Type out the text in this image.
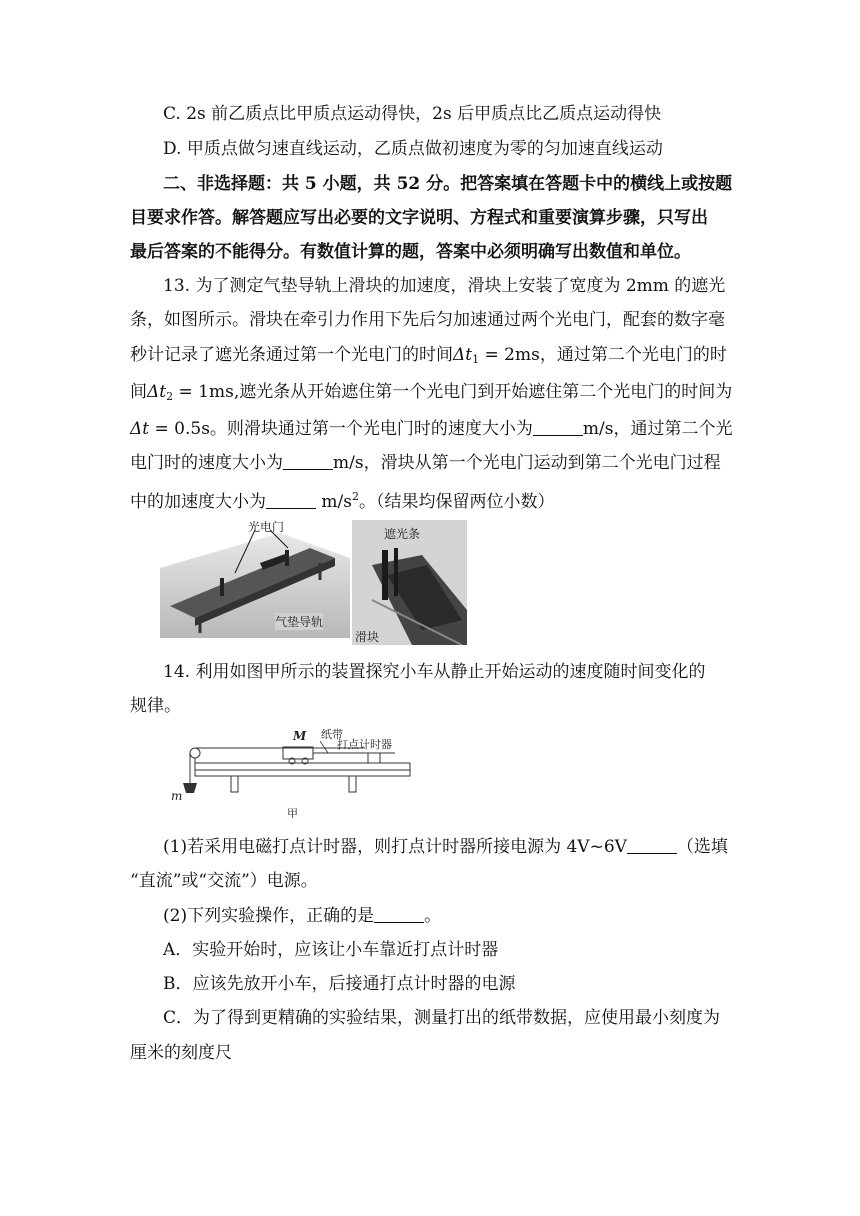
C. 2s 前乙质点比甲质点运动得快，2s 后甲质点比乙质点运动得快
D. 甲质点做匀速直线运动，乙质点做初速度为零的匀加速直线运动
二、非选择题：共 5 小题，共 52 分。把答案填在答题卡中的横线上或按题
目要求作答。解答题应写出必要的文字说明、方程式和重要演算步骤，只写出
最后答案的不能得分。有数值计算的题，答案中必须明确写出数值和单位。
13. 为了测定气垫导轨上滑块的加速度，滑块上安装了宽度为 2mm 的遮光
条，如图所示。滑块在牵引力作用下先后匀加速通过两个光电门，配套的数字毫
秒计记录了遮光条通过第一个光电门的时间$\Delta t_1 = 2ms$，通过第二个光电门的时
间$\Delta t_2 = 1ms$,遮光条从开始遮住第一个光电门到开始遮住第二个光电门的时间为
Δt = 0.5s。则滑块通过第一个光电门时的速度大小为	m/s，通过第二个光
电门时的速度大小为	m/s，滑块从第一个光电门运动到第二个光电门过程
中的加速度大小为	$m/s^2$。（结果均保留两位小数）
光电门
气垫导轨
遮光条
滑块
14. 利用如图甲所示的装置探究小车从静止开始运动的速度随时间变化的
规律。
M 纸带
打点计时器
m
甲
(1)若采用电磁打点计时器，则打点计时器所接电源为 4V~6V	（选填
“直流”或“交流”）电源。
(2)下列实验操作，正确的是	。
A．实验开始时，应该让小车靠近打点计时器
B．应该先放开小车，后接通打点计时器的电源
C．为了得到更精确的实验结果，测量打出的纸带数据，应使用最小刻度为
厘米的刻度尺
